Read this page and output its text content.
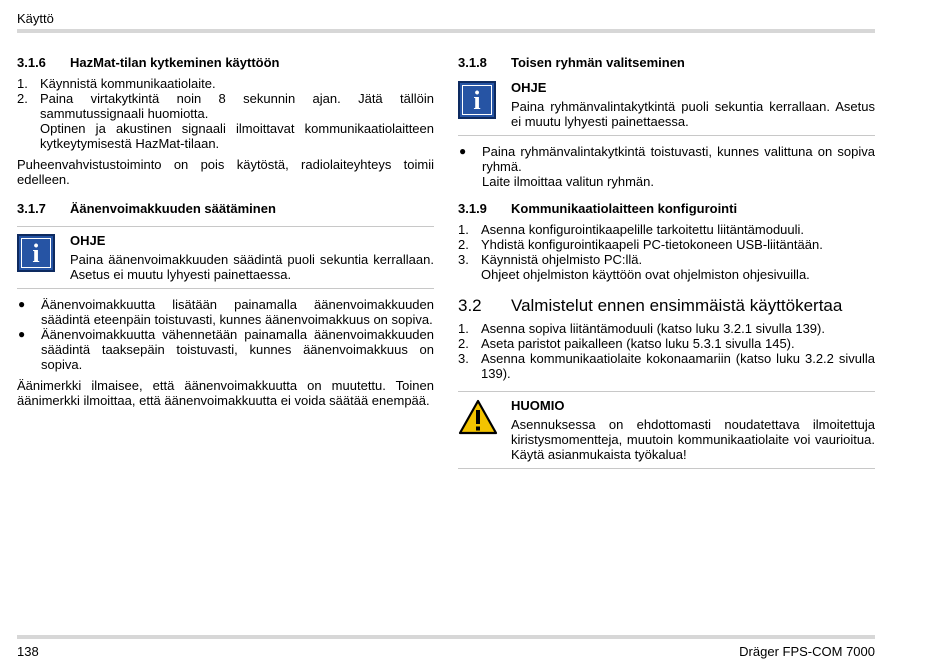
Käyttö
3.1.6	HazMat-tilan kytkeminen käyttöön
1. Käynnistä kommunikaatiolaite.

2. Paina virtakytkintä noin 8 sekunnin ajan. Jätä tällöin sammutussignaali huomiotta.

Optinen ja akustinen signaali ilmoittavat kommunikaatiolaitteen kytkeytymisestä HazMat-tilaan.

Puheenvahvistustoiminto on pois käytöstä, radiolaiteyhteys toimii edelleen.

3.1.7	Äänenvoimakkuuden säätäminen
i	OHJE
Paina äänenvoimakkuuden säädintä puoli sekuntia kerrallaan. Asetus ei muutu lyhyesti painettaessa.
●	Äänenvoimakkuutta lisätään painamalla äänenvoimakkuuden säädintä eteenpäin toistuvasti, kunnes äänenvoimakkuus on sopiva.
●	Äänenvoimakkuutta vähennetään painamalla äänenvoimakkuuden säädintä taaksepäin toistuvasti, kunnes äänenvoimakkuus on sopiva.

Äänimerkki ilmaisee, että äänenvoimakkuutta on muutettu. Toinen äänimerkki ilmoittaa, että äänenvoimakkuutta ei voida säätää enempää.

3.1.8	Toisen ryhmän valitseminen
i	OHJE
Paina ryhmänvalintakytkintä puoli sekuntia kerrallaan. Asetus ei muutu lyhyesti painettaessa.
●	Paina ryhmänvalintakytkintä toistuvasti, kunnes valittuna on sopiva ryhmä.

Laite ilmoittaa valitun ryhmän.

3.1.9	Kommunikaatiolaitteen konfigurointi
1. Asenna konfigurointikaapelille tarkoitettu liitäntämoduuli.

2. Yhdistä konfigurointikaapeli PC-tietokoneen USB-liitäntään.

3. Käynnistä ohjelmisto PC:llä.

Ohjeet ohjelmiston käyttöön ovat ohjelmiston ohjesivuilla.

3.2	Valmistelut ennen ensimmäistä käyttökertaa
1. Asenna sopiva liitäntämoduuli (katso luku 3.2.1 sivulla 139).

2. Aseta paristot paikalleen (katso luku 5.3.1 sivulla 145).

3. Asenna kommunikaatiolaite kokonaamariin (katso luku 3.2.2 sivulla 139).

HUOMIO
Asennuksessa on ehdottomasti noudatettava ilmoitettuja kiristysmomentteja, muutoin kommunikaatiolaite voi vaurioitua. Käytä asianmukaista työkalua!
138	Dräger FPS-COM 7000
